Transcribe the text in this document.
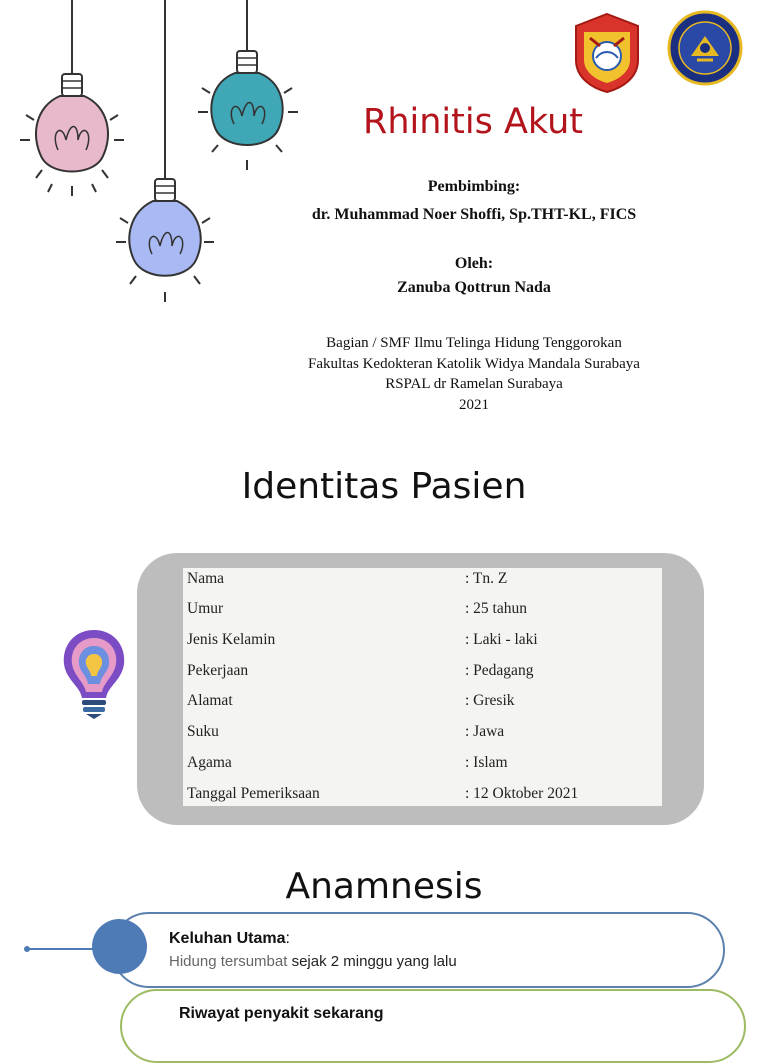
Rhinitis Akut
Pembimbing:
dr. Muhammad Noer Shoffi, Sp.THT-KL, FICS
Oleh:
Zanuba Qottrun Nada
Bagian / SMF Ilmu Telinga Hidung Tenggorokan
Fakultas Kedokteran Katolik Widya Mandala Surabaya
RSPAL dr Ramelan Surabaya
2021
Identitas Pasien
Nama	: Tn. Z
Umur	: 25 tahun
Jenis Kelamin	: Laki - laki
Pekerjaan	: Pedagang
Alamat	: Gresik
Suku	: Jawa
Agama	: Islam
Tanggal Pemeriksaan	: 12 Oktober 2021
Anamnesis
Keluhan Utama:
Hidung tersumbat sejak 2 minggu yang lalu
Riwayat penyakit sekarang
